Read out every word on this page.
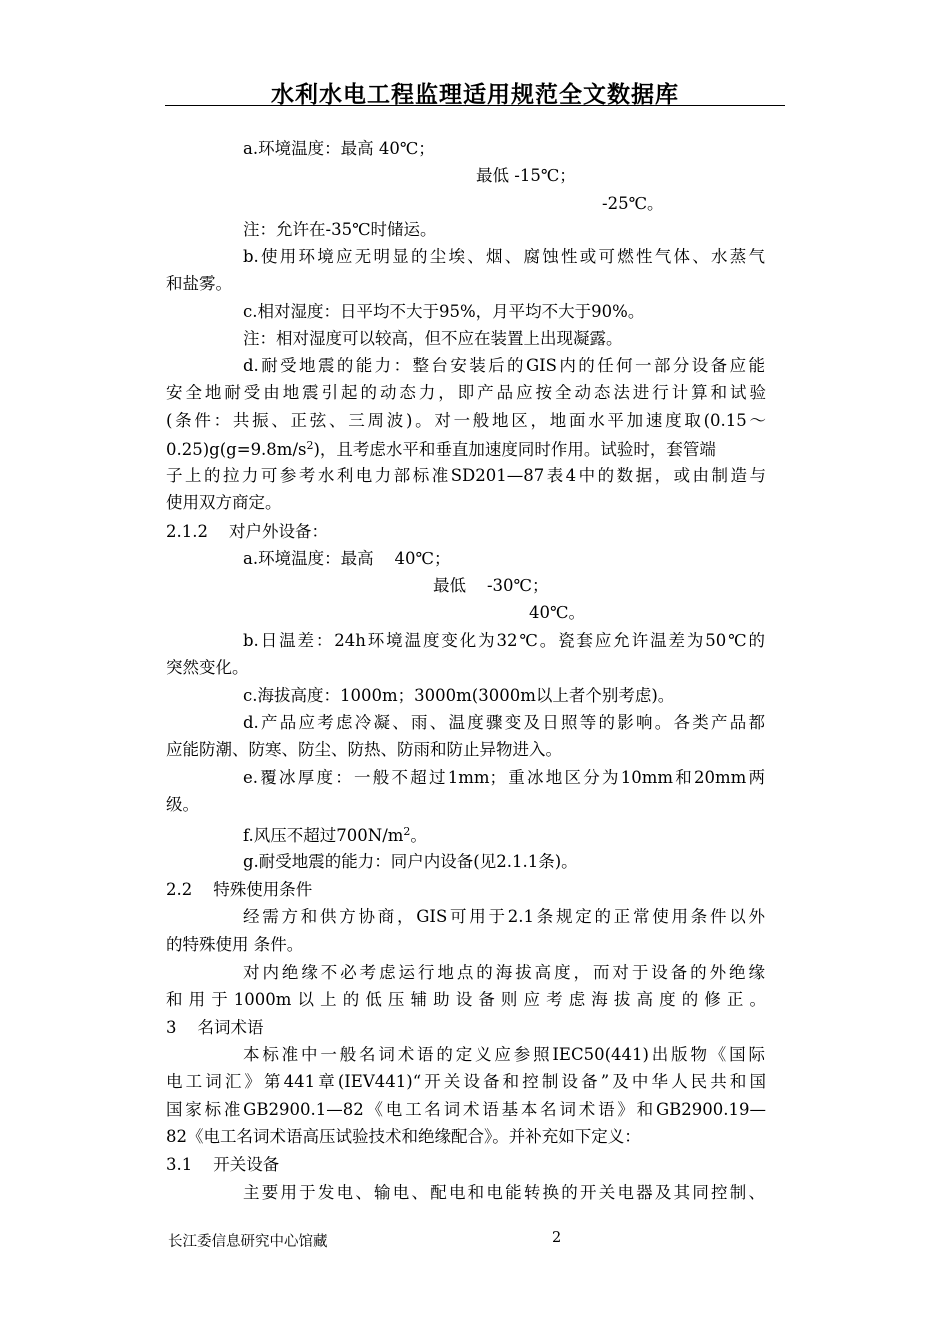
水利水电工程监理适用规范全文数据库
a.环境温度：最高 40℃；
最低 -15℃；
-25℃。
注：允许在-35℃时储运。
b.使用环境应无明显的尘埃、烟、腐蚀性或可燃性气体、水蒸气
和盐雾。
c.相对湿度：日平均不大于95%，月平均不大于90%。
注：相对湿度可以较高，但不应在装置上出现凝露。
d.耐受地震的能力：整台安装后的GIS内的任何一部分设备应能
安全地耐受由地震引起的动态力，即产品应按全动态法进行计算和试验
(条件：共振、正弦、三周波)。对一般地区，地面水平加速度取(0.15～
$0.25)g(g=9.8m/s^2)$，且考虑水平和垂直加速度同时作用。试验时，套管端
子上的拉力可参考水利电力部标准SD201—87表4中的数据，或由制造与
使用双方商定。
2.1.2    对户外设备：
a.环境温度：最高    40℃；
最低    -30℃；
40℃。
b.日温差：24h环境温度变化为32℃。瓷套应允许温差为50℃的
突然变化。
c.海拔高度：1000m；3000m(3000m以上者个别考虑)。
d.产品应考虑冷凝、雨、温度骤变及日照等的影响。各类产品都
应能防潮、防寒、防尘、防热、防雨和防止异物进入。
e.覆冰厚度：一般不超过1mm；重冰地区分为10mm和20mm两
级。
f.风压不超过$700N/m^2$。
g.耐受地震的能力：同户内设备(见2.1.1条)。
2.2    特殊使用条件
经需方和供方协商，GIS可用于2.1条规定的正常使用条件以外
的特殊使用 条件。
对内绝缘不必考虑运行地点的海拔高度，而对于设备的外绝缘
和用于1000m以上的低压辅助设备则应考虑海拔高度的修正。
3    名词术语
本标准中一般名词术语的定义应参照IEC50(441)出版物《国际
电工词汇》第441章(IEV441)“开关设备和控制设备”及中华人民共和国
国家标准GB2900.1—82《电工名词术语基本名词术语》和GB2900.19—
82《电工名词术语高压试验技术和绝缘配合》。并补充如下定义：
3.1    开关设备
主要用于发电、输电、配电和电能转换的开关电器及其同控制、
长江委信息研究中心馆藏	2
